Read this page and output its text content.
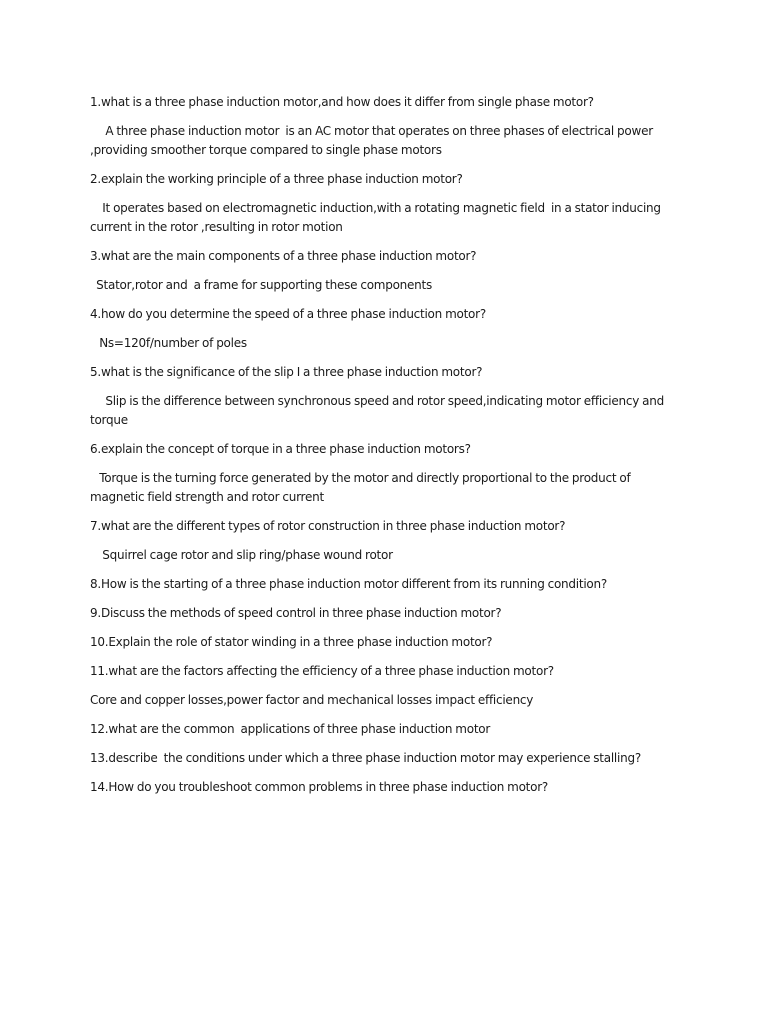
1.what is a three phase induction motor,and how does it differ from single phase motor?

A three phase induction motor  is an AC motor that operates on three phases of electrical power ,providing smoother torque compared to single phase motors

2.explain the working principle of a three phase induction motor?

It operates based on electromagnetic induction,with a rotating magnetic field  in a stator inducing current in the rotor ,resulting in rotor motion

3.what are the main components of a three phase induction motor?

Stator,rotor and  a frame for supporting these components

4.how do you determine the speed of a three phase induction motor?

Ns=120f/number of poles

5.what is the significance of the slip I a three phase induction motor?

Slip is the difference between synchronous speed and rotor speed,indicating motor efficiency and torque

6.explain the concept of torque in a three phase induction motors?

Torque is the turning force generated by the motor and directly proportional to the product of magnetic field strength and rotor current

7.what are the different types of rotor construction in three phase induction motor?

Squirrel cage rotor and slip ring/phase wound rotor

8.How is the starting of a three phase induction motor different from its running condition?

9.Discuss the methods of speed control in three phase induction motor?

10.Explain the role of stator winding in a three phase induction motor?

11.what are the factors affecting the efficiency of a three phase induction motor?

Core and copper losses,power factor and mechanical losses impact efficiency

12.what are the common  applications of three phase induction motor

13.describe  the conditions under which a three phase induction motor may experience stalling?

14.How do you troubleshoot common problems in three phase induction motor?
